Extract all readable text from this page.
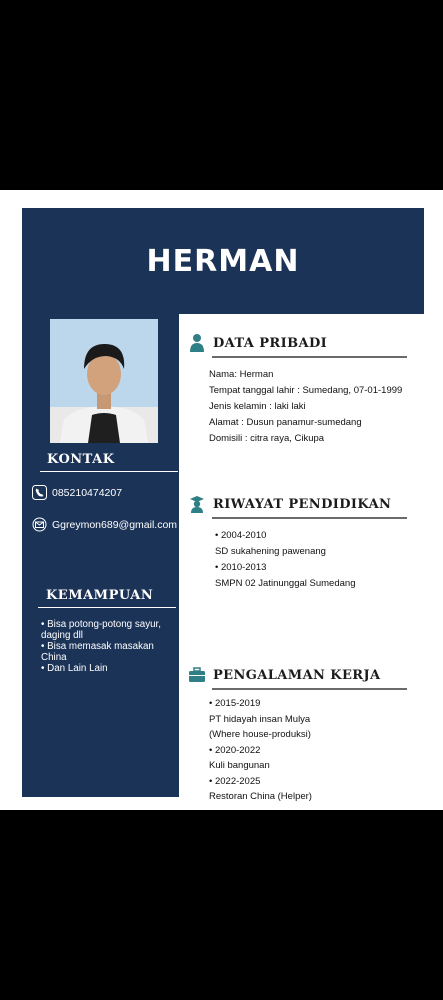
HERMAN
KONTAK
085210474207
Ggreymon689@gmail.com
KEMAMPUAN
• Bisa potong-potong sayur,
daging dll
• Bisa memasak masakan
China
• Dan Lain Lain
DATA PRIBADI
Nama: Herman
Tempat tanggal lahir : Sumedang, 07-01-1999
Jenis kelamin : laki laki
Alamat : Dusun panamur-sumedang
Domisili : citra raya, Cikupa
RIWAYAT PENDIDIKAN
• 2004-2010
SD sukahening pawenang
• 2010-2013
SMPN 02 Jatinunggal Sumedang
PENGALAMAN KERJA
• 2015-2019
PT hidayah insan Mulya
(Where house-produksi)
• 2020-2022
Kuli bangunan
• 2022-2025
Restoran China (Helper)
